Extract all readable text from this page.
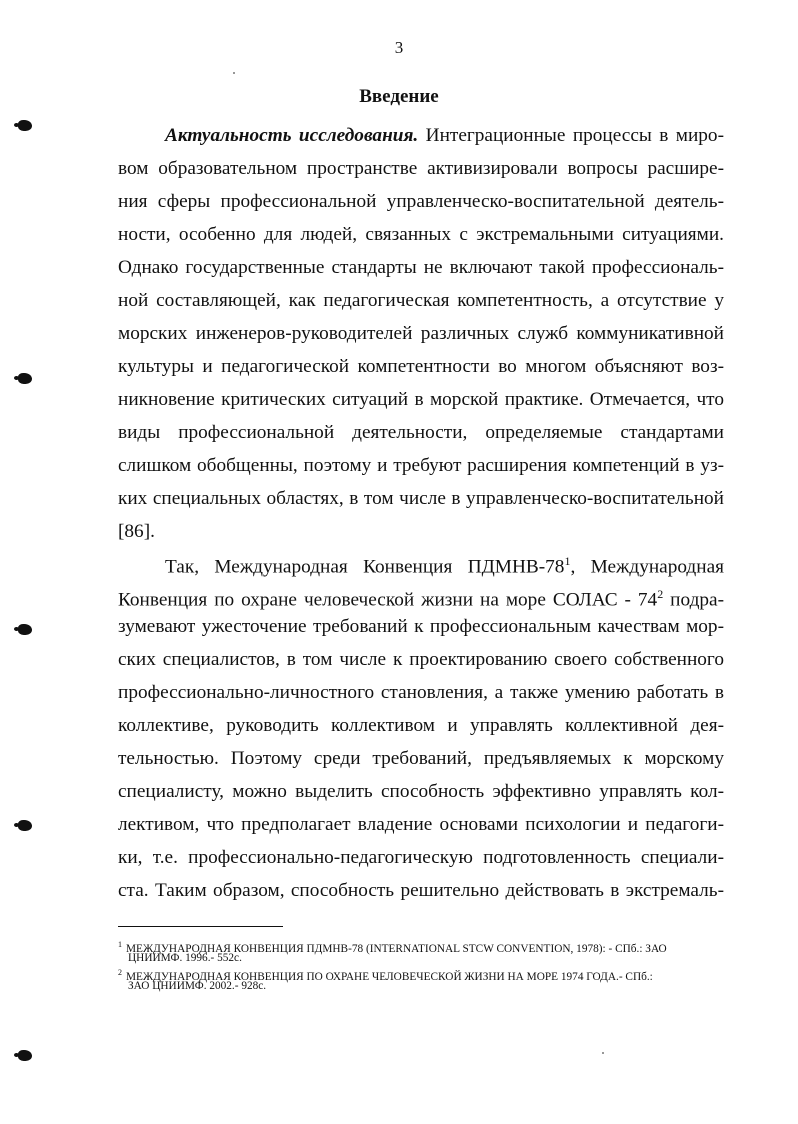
3
Введение
Актуальность исследования. Интеграционные процессы в миро-
вом образовательном пространстве активизировали вопросы расшире-
ния сферы профессиональной управленческо-воспитательной деятель-
ности, особенно для людей, связанных с экстремальными ситуациями.
Однако государственные стандарты не включают такой профессиональ-
ной составляющей, как педагогическая компетентность, а отсутствие у
морских инженеров-руководителей различных служб коммуникативной
культуры и педагогической компетентности во многом объясняют воз-
никновение критических ситуаций в морской практике. Отмечается, что
виды профессиональной деятельности, определяемые стандартами
слишком обобщенны, поэтому и требуют расширения компетенций в уз-
ких специальных областях, в том числе в управленческо-воспитательной
[86].
Так, Международная Конвенция ПДМНВ-$78^1$, Международная
Конвенция по охране человеческой жизни на море СОЛАС - $74^2$ подра-
зумевают ужесточение требований к профессиональным качествам мор-
ских специалистов, в том числе к проектированию своего собственного
профессионально-личностного становления, а также умению работать в
коллективе, руководить коллективом и управлять коллективной дея-
тельностью. Поэтому среди требований, предъявляемых к морскому
специалисту, можно выделить способность эффективно управлять кол-
лективом, что предполагает владение основами психологии и педагоги-
ки, т.е. профессионально-педагогическую подготовленность специали-
ста. Таким образом, способность решительно действовать в экстремаль-
$^1$ МЕЖДУНАРОДНАЯ КОНВЕНЦИЯ ПДМНВ-78 (INTERNATIONAL STCW CONVENTION, 1978): - СПб.: ЗАО
ЦНИИМФ. 1996.- 552с.
$^2$ МЕЖДУНАРОДНАЯ КОНВЕНЦИЯ ПО ОХРАНЕ ЧЕЛОВЕЧЕСКОЙ ЖИЗНИ НА МОРЕ 1974 ГОДА.- СПб.:
ЗАО ЦНИИМФ. 2002.- 928с.
